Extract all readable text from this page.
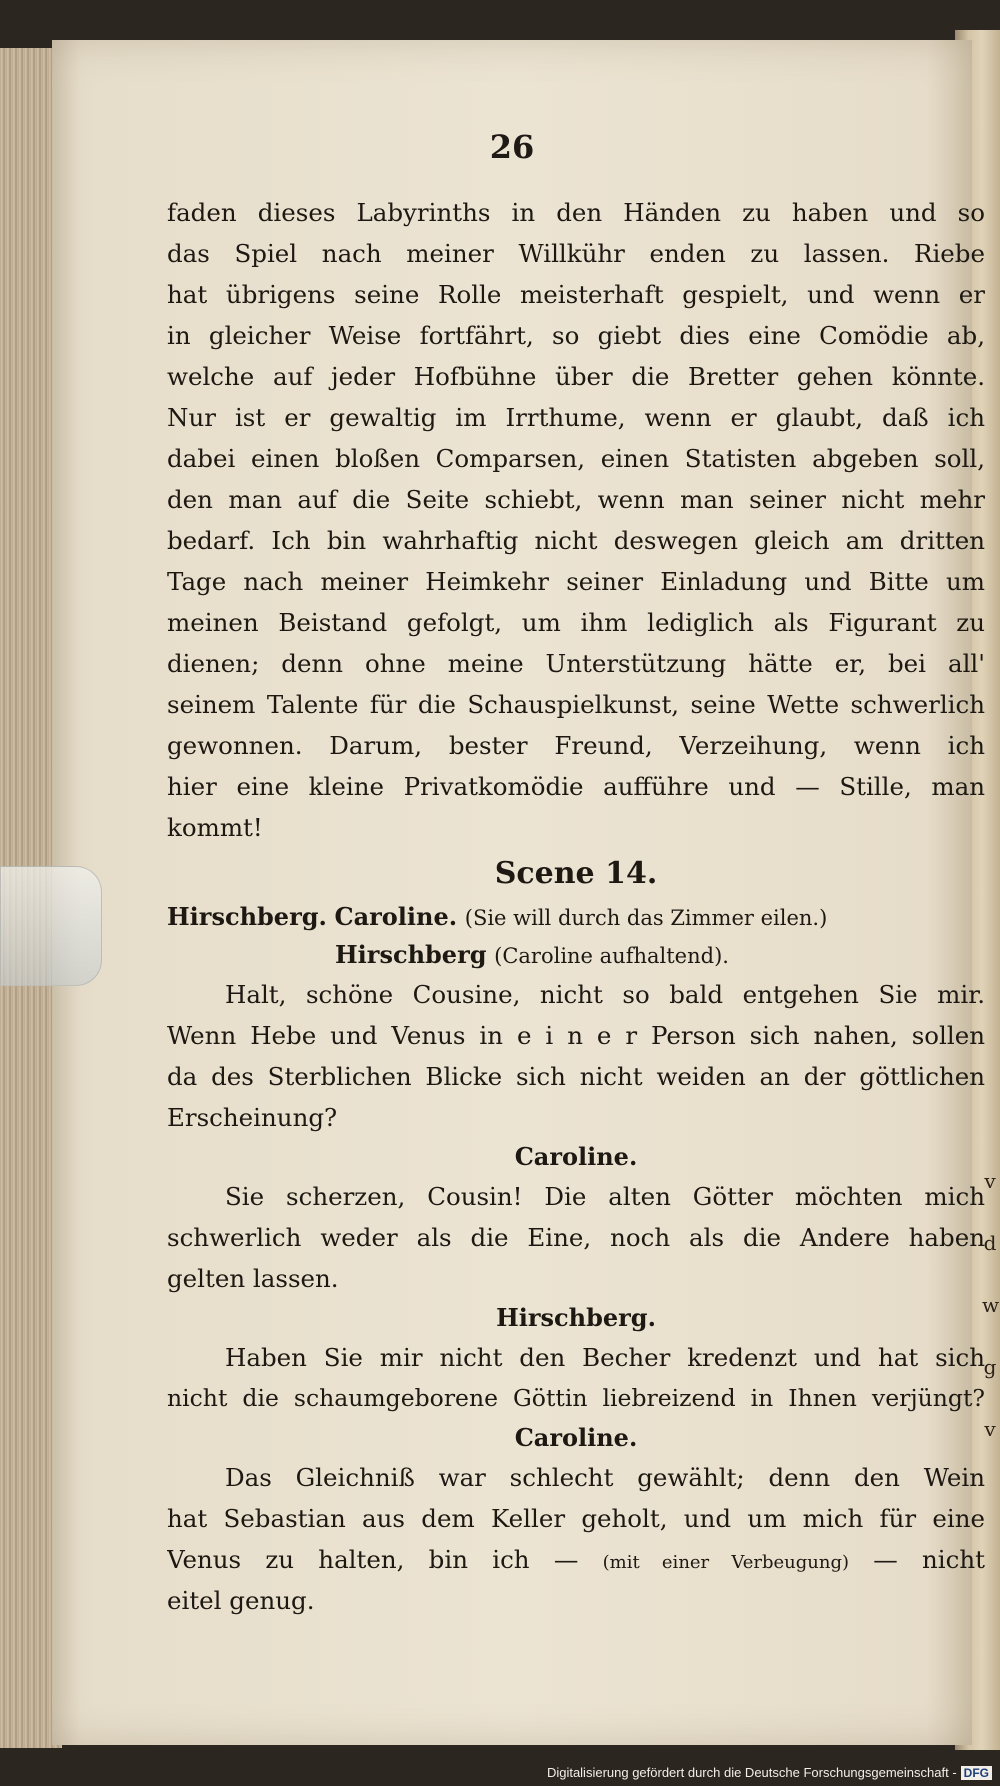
v
d
w
g
v
26
faden dieses Labyrinths in den Händen zu haben und so
das Spiel nach meiner Willkühr enden zu lassen. Riebe
hat übrigens seine Rolle meisterhaft gespielt, und wenn er
in gleicher Weise fortfährt, so giebt dies eine Comödie ab,
welche auf jeder Hofbühne über die Bretter gehen könnte.
Nur ist er gewaltig im Irrthume, wenn er glaubt, daß ich
dabei einen bloßen Comparsen, einen Statisten abgeben soll,
den man auf die Seite schiebt, wenn man seiner nicht mehr
bedarf. Ich bin wahrhaftig nicht deswegen gleich am dritten
Tage nach meiner Heimkehr seiner Einladung und Bitte um
meinen Beistand gefolgt, um ihm lediglich als Figurant zu
dienen; denn ohne meine Unterstützung hätte er, bei all'
seinem Talente für die Schauspielkunst, seine Wette schwerlich
gewonnen. Darum, bester Freund, Verzeihung, wenn ich
hier eine kleine Privatkomödie aufführe und — Stille, man
kommt!
Scene 14.
Hirschberg. Caroline. (Sie will durch das Zimmer eilen.)
Hirschberg (Caroline aufhaltend).
Halt, schöne Cousine, nicht so bald entgehen Sie mir.
Wenn Hebe und Venus in e i n e r Person sich nahen, sollen
da des Sterblichen Blicke sich nicht weiden an der göttlichen
Erscheinung?
Caroline.
Sie scherzen, Cousin! Die alten Götter möchten mich
schwerlich weder als die Eine, noch als die Andere haben
gelten lassen.
Hirschberg.
Haben Sie mir nicht den Becher kredenzt und hat sich
nicht die schaumgeborene Göttin liebreizend in Ihnen verjüngt?
Caroline.
Das Gleichniß war schlecht gewählt; denn den Wein
hat Sebastian aus dem Keller geholt, und um mich für eine
Venus zu halten, bin ich — (mit einer Verbeugung) — nicht
eitel genug.
Digitalisierung gefördert durch die Deutsche Forschungsgemeinschaft - DFG
